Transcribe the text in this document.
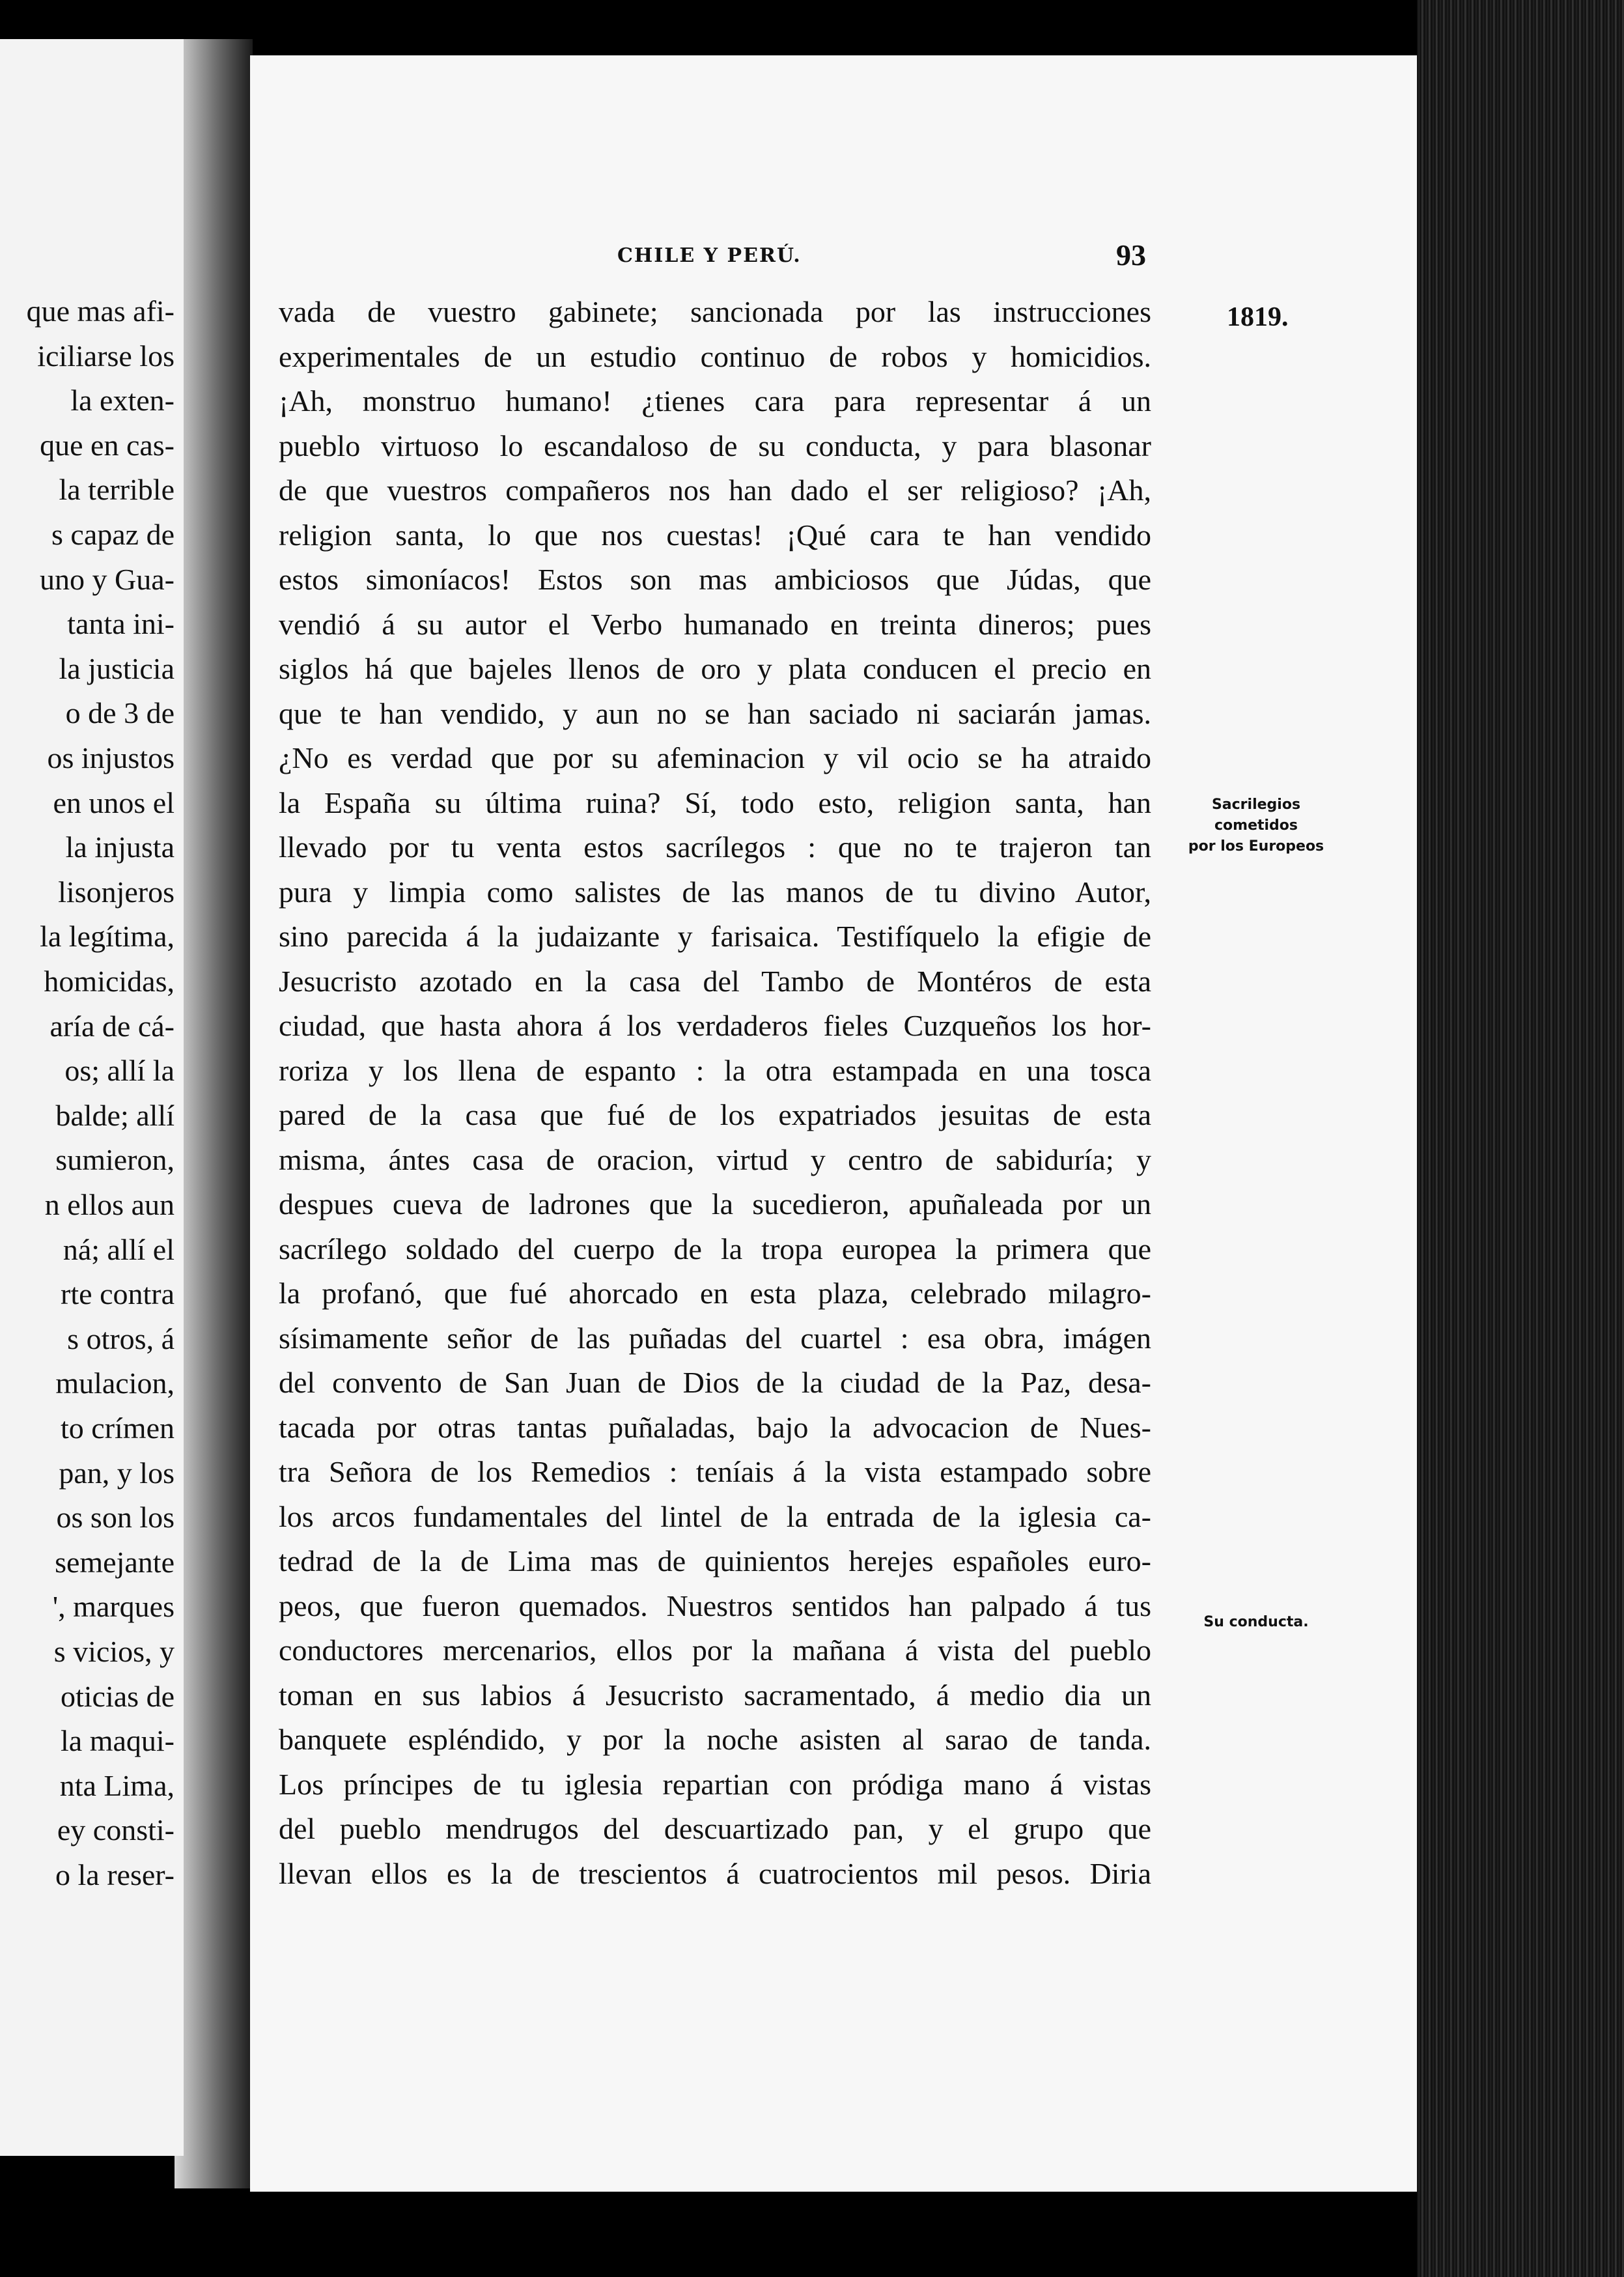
que mas afi-
iciliarse los
la exten-
que en cas-
la terrible
s capaz de
uno y Gua-
tanta ini-
la justicia
o de 3 de
os injustos
en unos el
la injusta
lisonjeros
la legítima,
homicidas,
aría de cá-
os; allí la
balde; allí
sumieron,
n ellos aun
ná; allí el
rte contra
s otros, á
mulacion,
to crímen
pan, y los
os son los
semejante
', marques
s vicios, y
oticias de
la maqui-
nta Lima,
ey consti-
o la reser-
CHILE Y PERÚ.	93
1819.
Sacrilegios
cometidos
por los Europeos
Su conducta.
vada de vuestro gabinete; sancionada por las instrucciones
experimentales de un estudio continuo de robos y homicidios.
¡Ah, monstruo humano! ¿tienes cara para representar á un
pueblo virtuoso lo escandaloso de su conducta, y para blasonar
de que vuestros compañeros nos han dado el ser religioso? ¡Ah,
religion santa, lo que nos cuestas! ¡Qué cara te han vendido
estos simoníacos! Estos son mas ambiciosos que Júdas, que
vendió á su autor el Verbo humanado en treinta dineros; pues
siglos há que bajeles llenos de oro y plata conducen el precio en
que te han vendido, y aun no se han saciado ni saciarán jamas.
¿No es verdad que por su afeminacion y vil ocio se ha atraido
la España su última ruina? Sí, todo esto, religion santa, han
llevado por tu venta estos sacrílegos : que no te trajeron tan
pura y limpia como salistes de las manos de tu divino Autor,
sino parecida á la judaizante y farisaica. Testifíquelo la efigie de
Jesucristo azotado en la casa del Tambo de Montéros de esta
ciudad, que hasta ahora á los verdaderos fieles Cuzqueños los hor-
roriza y los llena de espanto : la otra estampada en una tosca
pared de la casa que fué de los expatriados jesuitas de esta
misma, ántes casa de oracion, virtud y centro de sabiduría; y
despues cueva de ladrones que la sucedieron, apuñaleada por un
sacrílego soldado del cuerpo de la tropa europea la primera que
la profanó, que fué ahorcado en esta plaza, celebrado milagro-
sísimamente señor de las puñadas del cuartel : esa obra, imágen
del convento de San Juan de Dios de la ciudad de la Paz, desa-
tacada por otras tantas puñaladas, bajo la advocacion de Nues-
tra Señora de los Remedios : teníais á la vista estampado sobre
los arcos fundamentales del lintel de la entrada de la iglesia ca-
tedrad de la de Lima mas de quinientos herejes españoles euro-
peos, que fueron quemados. Nuestros sentidos han palpado á tus
conductores mercenarios, ellos por la mañana á vista del pueblo
toman en sus labios á Jesucristo sacramentado, á medio dia un
banquete espléndido, y por la noche asisten al sarao de tanda.
Los príncipes de tu iglesia repartian con pródiga mano á vistas
del pueblo mendrugos del descuartizado pan, y el grupo que
llevan ellos es la de trescientos á cuatrocientos mil pesos. Diria
